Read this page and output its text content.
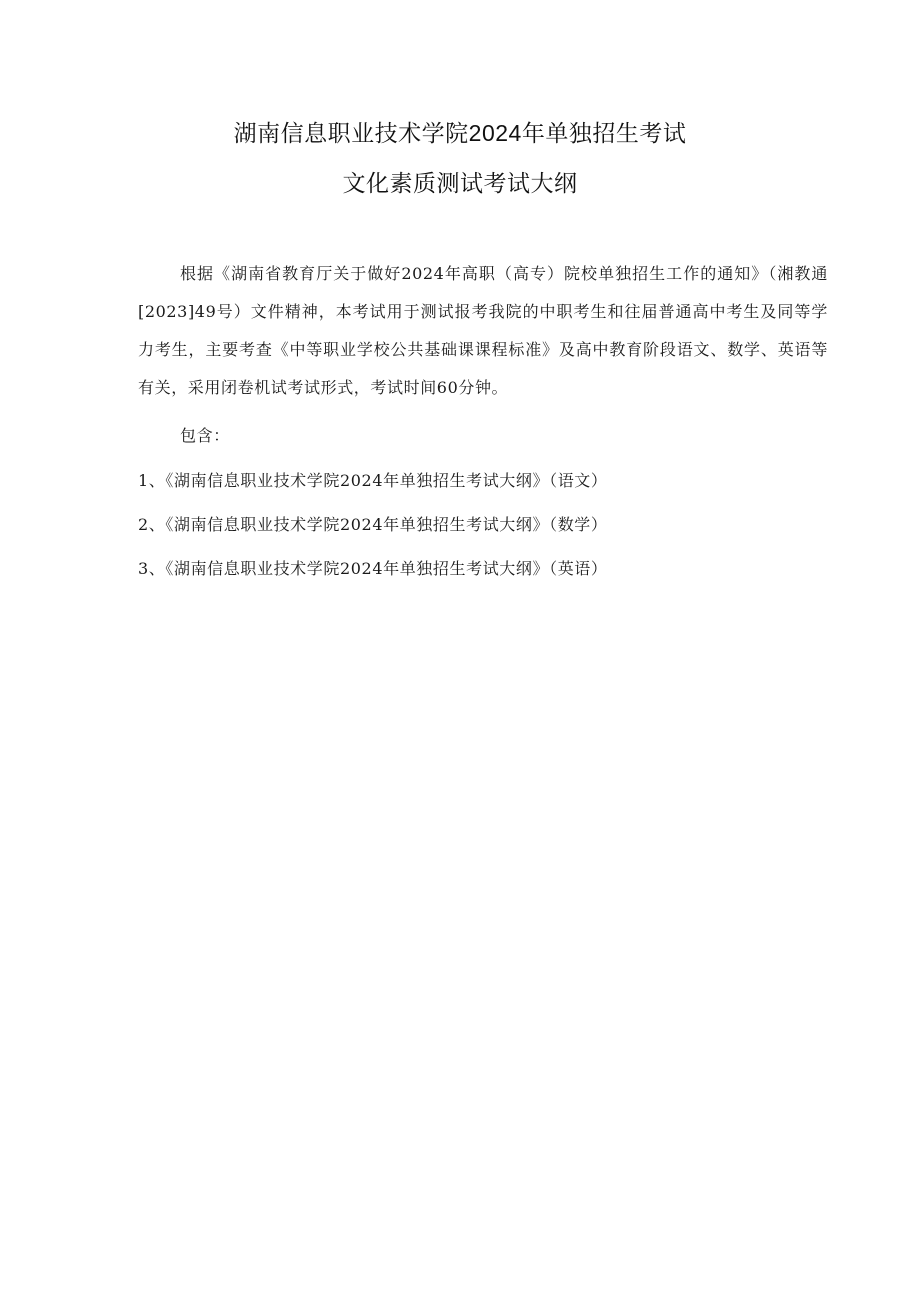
湖南信息职业技术学院2024年单独招生考试
文化素质测试考试大纲

根据《湖南省教育厅关于做好2024年高职（高专）院校单独招生工作的通知》（湘教通[2023]49号）文件精神，本考试用于测试报考我院的中职考生和往届普通高中考生及同等学力考生，主要考查《中等职业学校公共基础课课程标准》及高中教育阶段语文、数学、英语等有关，采用闭卷机试考试形式，考试时间60分钟。

包含：

1、《湖南信息职业技术学院2024年单独招生考试大纲》（语文）
2、《湖南信息职业技术学院2024年单独招生考试大纲》（数学）
3、《湖南信息职业技术学院2024年单独招生考试大纲》（英语）
